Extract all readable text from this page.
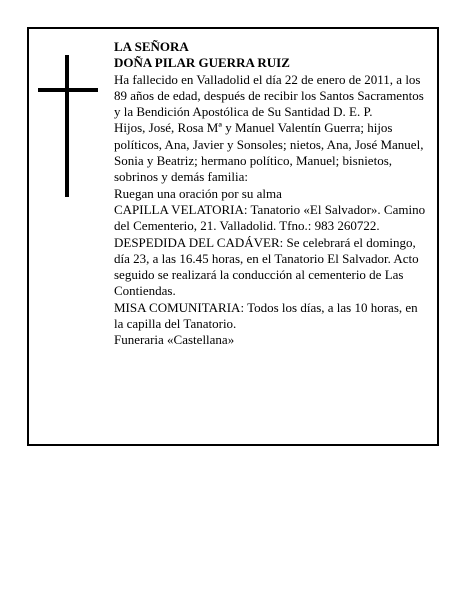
LA SEÑORA

DOÑA PILAR GUERRA RUIZ

Ha fallecido en Valladolid el día 22 de enero de 2011, a los 89 años de edad, después de recibir los Santos Sacramentos y la Bendición Apostólica de Su Santidad D. E. P.

Hijos, José, Rosa Mª y Manuel Valentín Guerra; hijos políticos, Ana, Javier y Sonsoles; nietos, Ana, José Manuel, Sonia y Beatriz; hermano político, Manuel; bisnietos, sobrinos y demás familia:

Ruegan una oración por su alma

CAPILLA VELATORIA: Tanatorio «El Salvador». Camino del Cementerio, 21. Valladolid. Tfno.: 983 260722.

DESPEDIDA DEL CADÁVER: Se celebrará el domingo, día 23, a las 16.45 horas, en el Tanatorio El Salvador. Acto seguido se realizará la conducción al cementerio de Las Contiendas.

MISA COMUNITARIA: Todos los días, a las 10 horas, en la capilla del Tanatorio.

Funeraria «Castellana»
